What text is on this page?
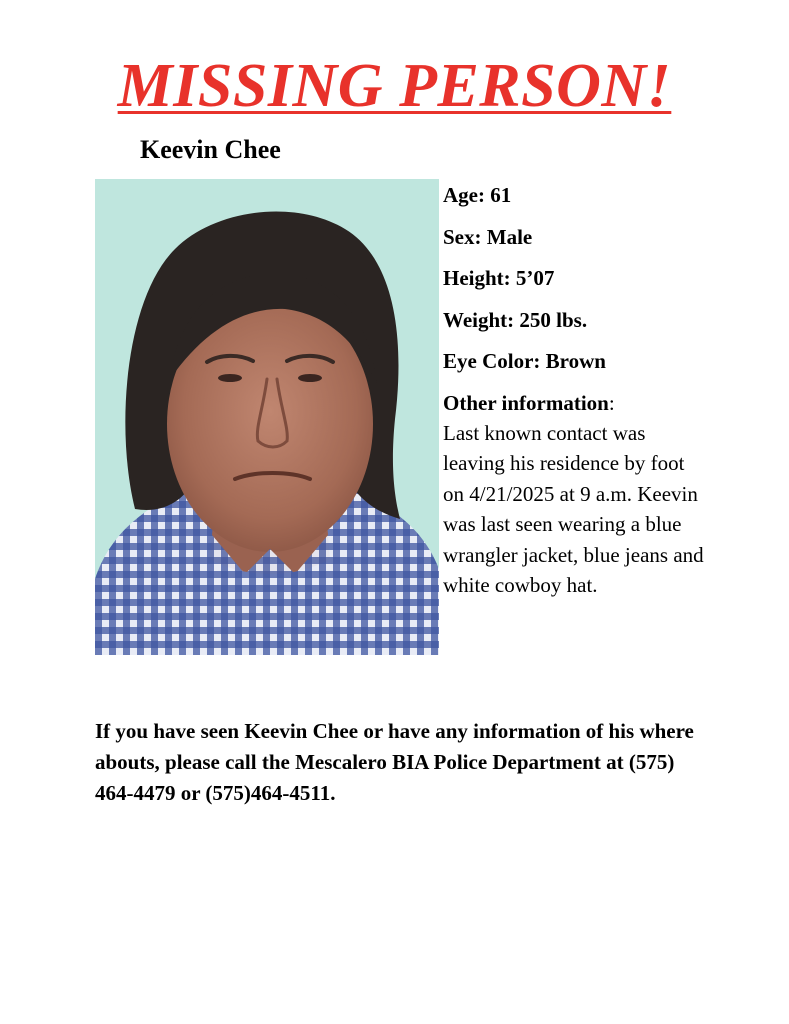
MISSING PERSON!
Keevin Chee

Age: 61

Sex: Male

Height: 5’07

Weight: 250 lbs.

Eye Color: Brown

Other information:

Last known contact was leaving his residence by foot on 4/21/2025 at 9 a.m. Keevin was last seen wearing a blue wrangler jacket, blue jeans and white cowboy hat.

If you have seen Keevin Chee or have any information of his where abouts, please call the Mescalero BIA Police Department at (575) 464-4479 or (575)464-4511.
